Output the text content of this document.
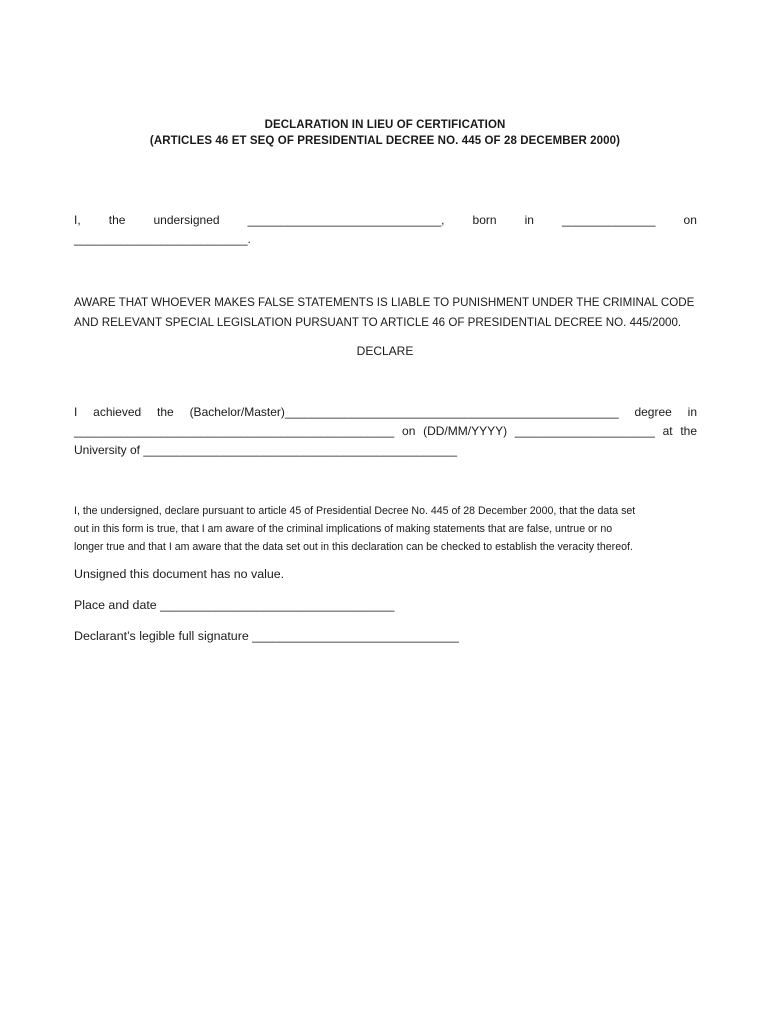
DECLARATION IN LIEU OF CERTIFICATION
(ARTICLES 46 ET SEQ OF PRESIDENTIAL DECREE NO. 445 OF 28 DECEMBER 2000)
I, the undersigned _____________________________, born in ______________ on
__________________________.
AWARE THAT WHOEVER MAKES FALSE STATEMENTS IS LIABLE TO PUNISHMENT UNDER THE CRIMINAL CODE
AND RELEVANT SPECIAL LEGISLATION PURSUANT TO ARTICLE 46 OF PRESIDENTIAL DECREE NO. 445/2000.
DECLARE
I achieved the (Bachelor/Master)__________________________________________________ degree in
________________________________________________ on (DD/MM/YYYY) _____________________ at the
University of _______________________________________________
I, the undersigned, declare pursuant to article 45 of Presidential Decree No. 445 of 28 December 2000, that the data set
out in this form is true, that I am aware of the criminal implications of making statements that are false, untrue or no
longer true and that I am aware that the data set out in this declaration can be checked to establish the veracity thereof.
Unsigned this document has no value.
Place and date __________________________________
Declarant’s legible full signature ______________________________
